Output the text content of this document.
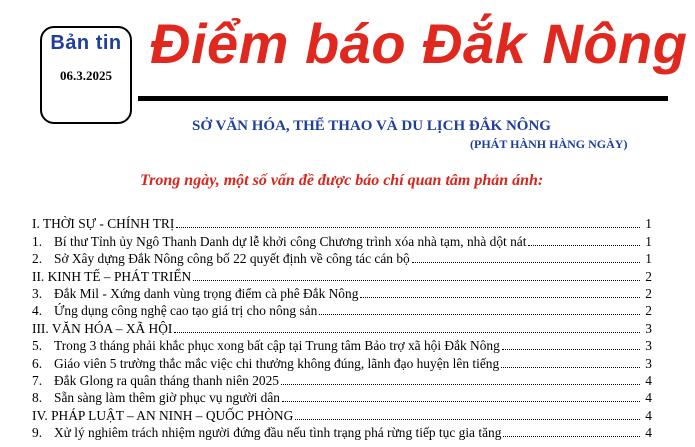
Bản tin
06.3.2025
Điểm báo Đắk Nông
SỞ VĂN HÓA, THỂ THAO VÀ DU LỊCH ĐẮK NÔNG
(PHÁT HÀNH HÀNG NGÀY)
Trong ngày, một số vấn đề được báo chí quan tâm phản ánh:
I. THỜI SỰ - CHÍNH TRỊ	1
1. Bí thư Tỉnh ủy Ngô Thanh Danh dự lễ khởi công Chương trình xóa nhà tạm, nhà dột nát	1
2. Sở Xây dựng Đắk Nông công bố 22 quyết định về công tác cán bộ	1
II. KINH TẾ – PHÁT TRIỂN	2
3. Đắk Mil - Xứng danh vùng trọng điểm cà phê Đắk Nông	2
4. Ứng dụng công nghệ cao tạo giá trị cho nông sản	2
III. VĂN HÓA – XÃ HỘI	3
5. Trong 3 tháng phải khắc phục xong bất cập tại Trung tâm Bảo trợ xã hội Đắk Nông	3
6. Giáo viên 5 trường thắc mắc việc chi thưởng không đúng, lãnh đạo huyện lên tiếng	3
7. Đắk Glong ra quân tháng thanh niên 2025	4
8. Sẵn sàng làm thêm giờ phục vụ người dân	4
IV. PHÁP LUẬT – AN NINH – QUỐC PHÒNG	4
9. Xử lý nghiêm trách nhiệm người đứng đầu nếu tình trạng phá rừng tiếp tục gia tăng	4
